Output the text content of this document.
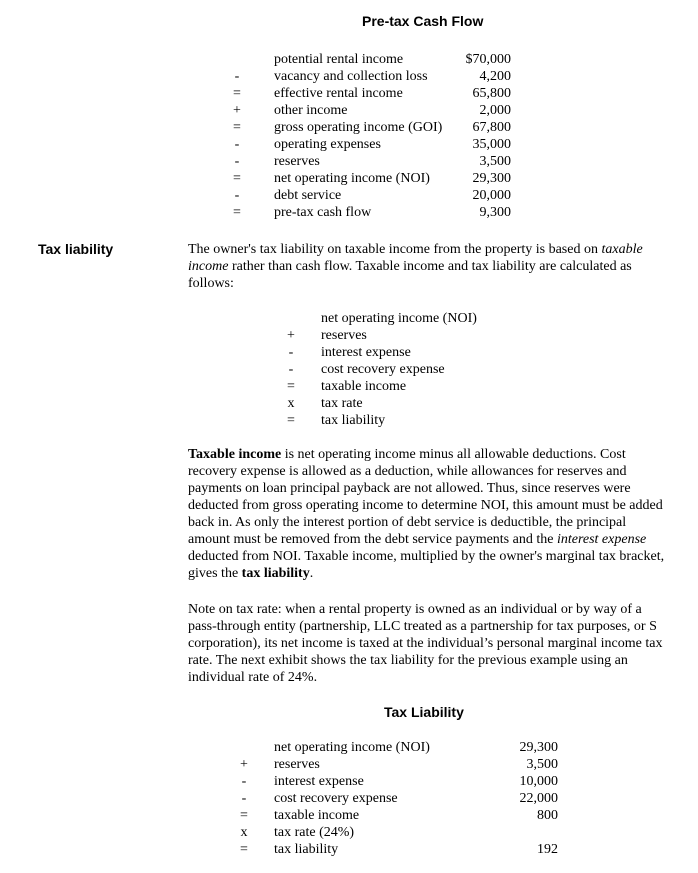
Pre-tax Cash Flow
potential rental income	$70,000
-	vacancy and collection loss	4,200
= effective rental income	65,800
+ other income	2,000
= gross operating income (GOI) 67,800
-	operating expenses	35,000
-	reserves	3,500
= net operating income (NOI)	29,300
-	debt service	20,000
= pre-tax cash flow	9,300
Tax liability	The owner's tax liability on taxable income from the property is based on taxable income rather than cash flow. Taxable income and tax liability are calculated as follows:

net operating income (NOI)
+ reserves
-	interest expense
-	cost recovery expense
= taxable income
x tax rate
= tax liability

Taxable income is net operating income minus all allowable deductions. Cost recovery expense is allowed as a deduction, while allowances for reserves and payments on loan principal payback are not allowed. Thus, since reserves were deducted from gross operating income to determine NOI, this amount must be added back in. As only the interest portion of debt service is deductible, the principal amount must be removed from the debt service payments and the interest expense deducted from NOI. Taxable income, multiplied by the owner's marginal tax bracket, gives the tax liability.

Note on tax rate: when a rental property is owned as an individual or by way of a pass-through entity (partnership, LLC treated as a partnership for tax purposes, or S corporation), its net income is taxed at the individual’s personal marginal income tax rate. The next exhibit shows the tax liability for the previous example using an individual rate of 24%.

Tax Liability
net operating income (NOI)	29,300
+ reserves	3,500
-	interest expense	10,000
-	cost recovery expense	22,000
= taxable income	800
x tax rate (24%)
= tax liability	192
